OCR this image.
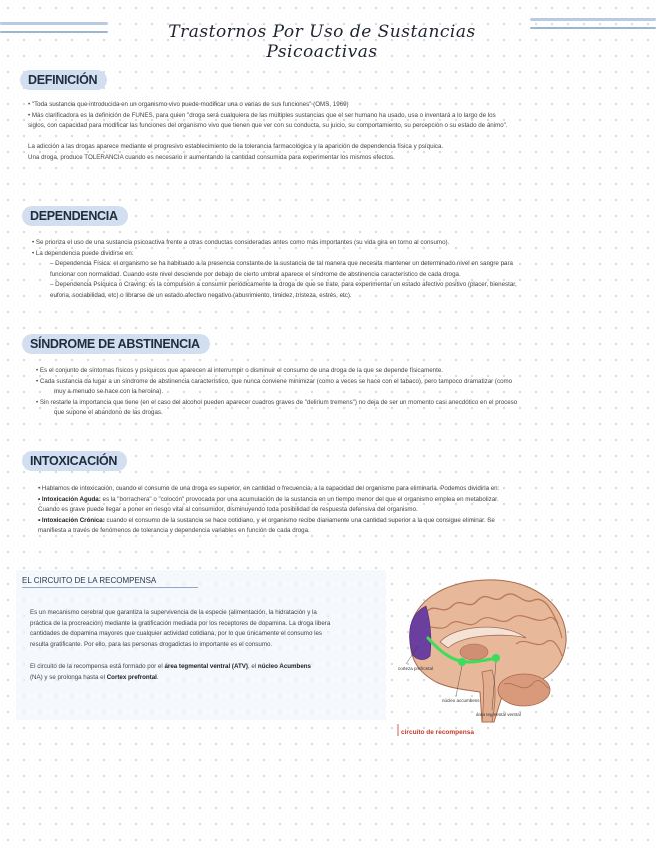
Trastornos Por Uso de Sustancias Psicoactivas
DEFINICIÓN

• "Toda sustancia que introducida en un organismo vivo puede modificar una o varias de sus funciones" (OMS, 1969)

• Más clarificadora es la definición de FUNES, para quien "droga será cualquiera de las múltiples sustancias que el ser humano ha usado, usa o inventará a lo largo de los

siglos, con capacidad para modificar las funciones del organismo vivo que tienen que ver con su conducta, su juicio, su comportamiento, su percepción o su estado de ánimo".

La adicción a las drogas aparece mediante el progresivo establecimiento de la tolerancia farmacológica y la aparición de dependencia física y psíquica.

Una droga, produce TOLERANCIA cuando es necesario ir aumentando la cantidad consumida para experimentar los mismos efectos.

DEPENDENCIA

• Se prioriza el uso de una sustancia psicoactiva frente a otras conductas consideradas antes como más importantes (su vida gira en torno al consumo).

• La dependencia puede dividirse en:

– Dependencia Física: el organismo se ha habituado a la presencia constante de la sustancia de tal manera que necesita mantener un determinado nivel en sangre para

funcionar con normalidad. Cuando este nivel desciende por debajo de cierto umbral aparece el síndrome de abstinencia característico de cada droga.

– Dependencia Psíquica o Craving: es la compulsión a consumir periódicamente la droga de que se trate, para experimentar un estado afectivo positivo (placer, bienestar,

euforia, sociabilidad, etc) o librarse de un estado afectivo negativo (aburrimiento, timidez, tristeza, estrés, etc).

SÍNDROME DE ABSTINENCIA

• Es el conjunto de síntomas físicos y psíquicos que aparecen al interrumpir o disminuir el consumo de una droga de la que se depende físicamente.

• Cada sustancia da lugar a un síndrome de abstinencia característico, que nunca conviene minimizar (como a veces se hace con el tabaco), pero tampoco dramatizar (como

muy a menudo se hace con la heroína).

• Sin restarle la importancia que tiene (en el caso del alcohol pueden aparecer cuadros graves de "delirium tremens") no deja de ser un momento casi anecdótico en el proceso

que supone el abandono de las drogas.

INTOXICACIÓN

• Hablamos de intoxicación, cuando el consumo de una droga es superior, en cantidad o frecuencia, a la capacidad del organismo para eliminarla. Podemos dividirla en:

• Intoxicación Aguda: es la "borrachera" o "colocón" provocada por una acumulación de la sustancia en un tiempo menor del que el organismo emplea en metabolizar.

Cuando es grave puede llegar a poner en riesgo vital al consumidor, disminuyendo toda posibilidad de respuesta defensiva del organismo.

• Intoxicación Crónica: cuando el consumo de la sustancia se hace cotidiano, y el organismo recibe diariamente una cantidad superior a la que consigue eliminar. Se

manifiesta a través de fenómenos de tolerancia y dependencia variables en función de cada droga.

EL CIRCUITO DE LA RECOMPENSA

Es un mecanismo cerebral que garantiza la supervivencia de la especie (alimentación, la hidratación y la

práctica de la procreación) mediante la gratificación mediada por los receptores de dopamina. La droga libera

cantidades de dopamina mayores que cualquier actividad cotidiana, por lo que únicamente el consumo les

resulta gratificante. Por ello, para las personas drogadictas lo importante es el consumo.

El circuito de la recompensa está formado por el área tegmental ventral (ATV), el núcleo Acumbens

(NA) y se prolonga hasta el Cortex prefrontal.

corteza prefrontal
núcleo accumbens
área tegmental ventral
circuito de recompensa
